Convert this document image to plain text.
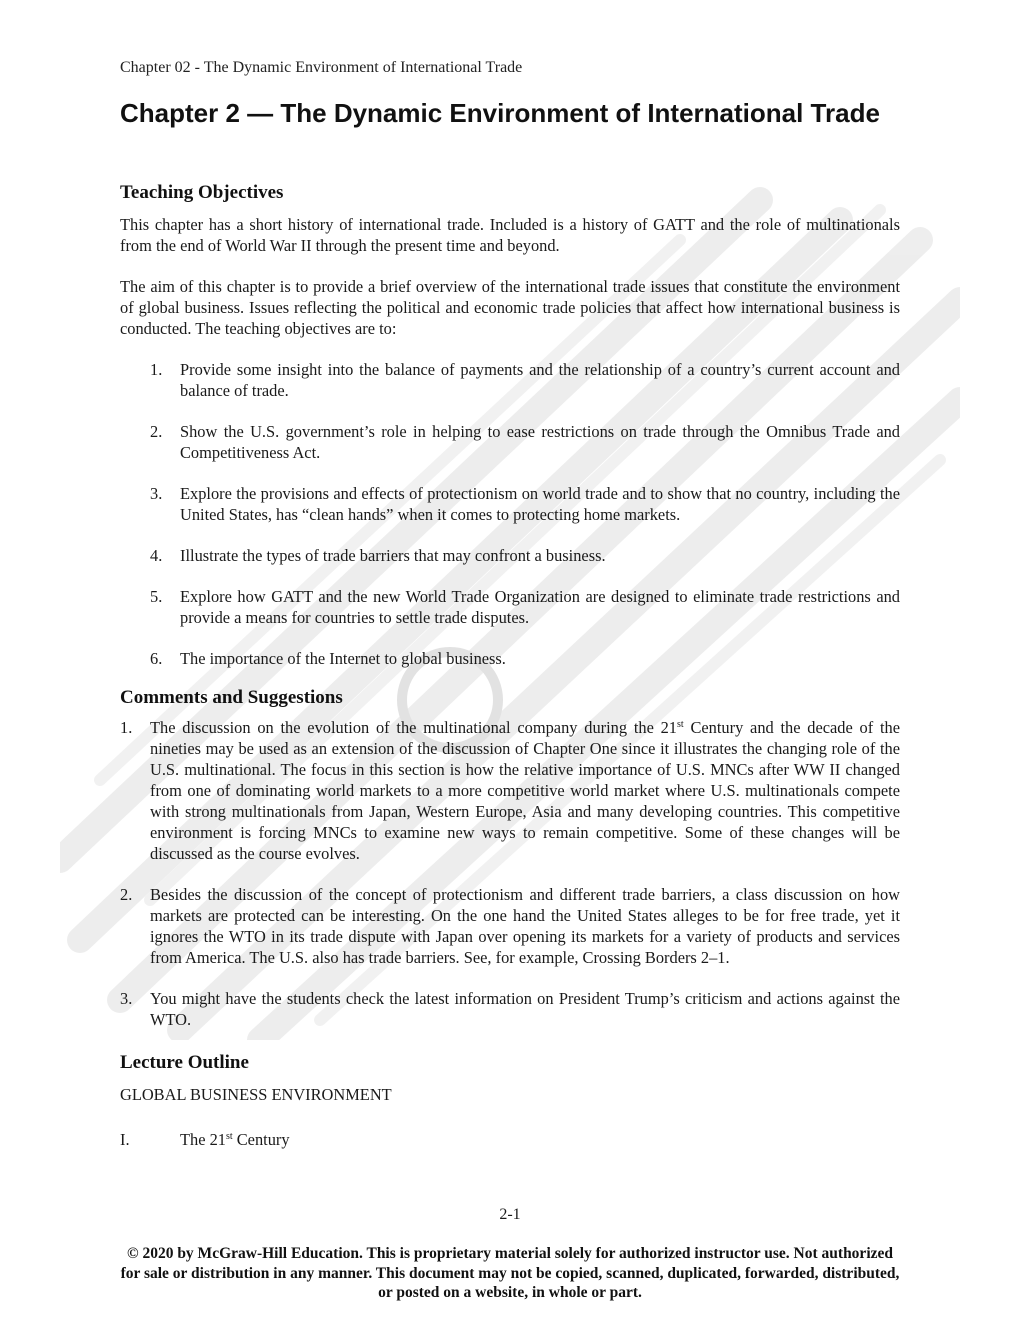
Chapter 02 - The Dynamic Environment of International Trade
Chapter 2 — The Dynamic Environment of International Trade
Teaching Objectives

This chapter has a short history of international trade. Included is a history of GATT and the role of multinationals from the end of World War II through the present time and beyond.

The aim of this chapter is to provide a brief overview of the international trade issues that constitute the environment of global business. Issues reflecting the political and economic trade policies that affect how international business is conducted. The teaching objectives are to:

1.	Provide some insight into the balance of payments and the relationship of a country’s current account and balance of trade.
2.	Show the U.S. government’s role in helping to ease restrictions on trade through the Omnibus Trade and Competitiveness Act.
3.	Explore the provisions and effects of protectionism on world trade and to show that no country, including the United States, has “clean hands” when it comes to protecting home markets.
4.	Illustrate the types of trade barriers that may confront a business.
5.	Explore how GATT and the new World Trade Organization are designed to eliminate trade restrictions and provide a means for countries to settle trade disputes.
6.	The importance of the Internet to global business.
Comments and Suggestions
1.	The discussion on the evolution of the multinational company during the 21st Century and the decade of the nineties may be used as an extension of the discussion of Chapter One since it illustrates the changing role of the U.S. multinational. The focus in this section is how the relative importance of U.S. MNCs after WW II changed from one of dominating world markets to a more competitive world market where U.S. multinationals compete with strong multinationals from Japan, Western Europe, Asia and many developing countries. This competitive environment is forcing MNCs to examine new ways to remain competitive. Some of these changes will be discussed as the course evolves.
2.	Besides the discussion of the concept of protectionism and different trade barriers, a class discussion on how markets are protected can be interesting. On the one hand the United States alleges to be for free trade, yet it ignores the WTO in its trade dispute with Japan over opening its markets for a variety of products and services from America. The U.S. also has trade barriers. See, for example, Crossing Borders 2–1.
3.	You might have the students check the latest information on President Trump’s criticism and actions against the WTO.
Lecture Outline

GLOBAL BUSINESS ENVIRONMENT

I.	The 21st Century
2-1
© 2020 by McGraw-Hill Education. This is proprietary material solely for authorized instructor use. Not authorized for sale or distribution in any manner. This document may not be copied, scanned, duplicated, forwarded, distributed, or posted on a website, in whole or part.
